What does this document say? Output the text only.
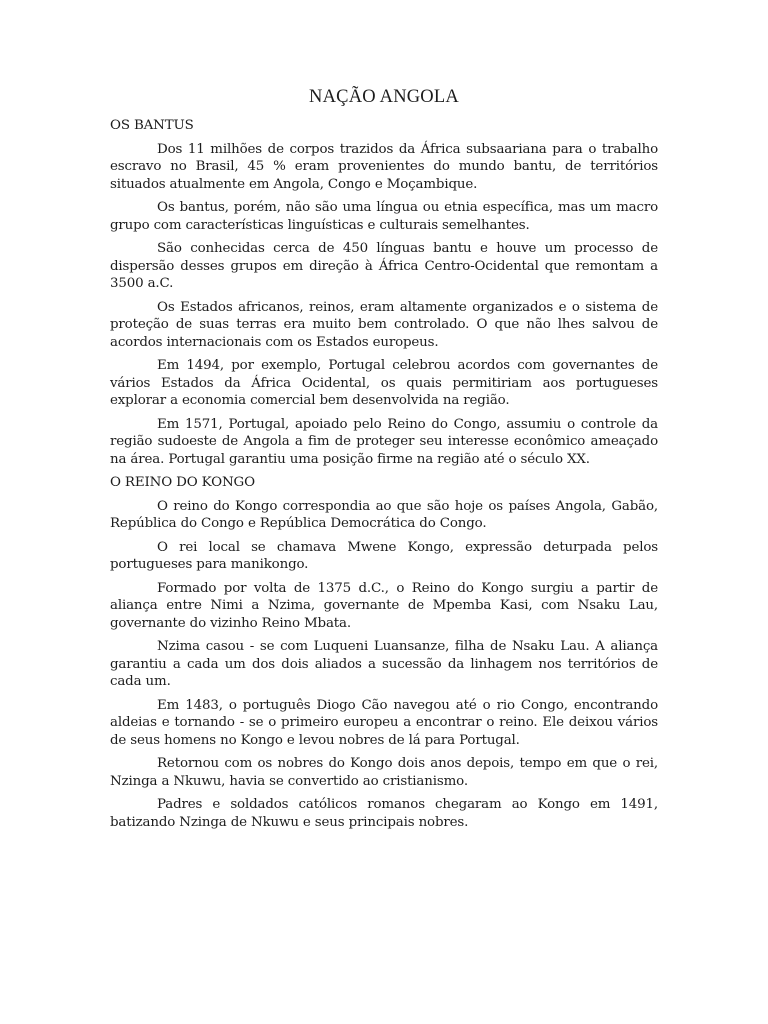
NAÇÃO ANGOLA
OS BANTUS

Dos 11 milhões de corpos trazidos da África subsaariana para o trabalho escravo no Brasil, 45 % eram provenientes do mundo bantu, de territórios situados atualmente em Angola, Congo e Moçambique.

Os bantus, porém, não são uma língua ou etnia específica, mas um macro grupo com características linguísticas e culturais semelhantes.

São conhecidas cerca de 450 línguas bantu e houve um processo de dispersão desses grupos em direção à África Centro-Ocidental que remontam a 3500 a.C.

Os Estados africanos, reinos, eram altamente organizados e o sistema de proteção de suas terras era muito bem controlado. O que não lhes salvou de acordos internacionais com os Estados europeus.

Em 1494, por exemplo, Portugal celebrou acordos com governantes de vários Estados da África Ocidental, os quais permitiriam aos portugueses explorar a economia comercial bem desenvolvida na região.

Em 1571, Portugal, apoiado pelo Reino do Congo, assumiu o controle da região sudoeste de Angola a fim de proteger seu interesse econômico ameaçado na área. Portugal garantiu uma posição firme na região até o século XX.

O REINO DO KONGO

O reino do Kongo correspondia ao que são hoje os países Angola, Gabão, República do Congo e República Democrática do Congo.

O rei local se chamava Mwene Kongo, expressão deturpada pelos portugueses para manikongo.

Formado por volta de 1375 d.C., o Reino do Kongo surgiu a partir de aliança entre Nimi a Nzima, governante de Mpemba Kasi, com Nsaku Lau, governante do vizinho Reino Mbata.

Nzima casou - se com Luqueni Luansanze, filha de Nsaku Lau. A aliança garantiu a cada um dos dois aliados a sucessão da linhagem nos territórios de cada um.

Em 1483, o português Diogo Cão navegou até o rio Congo, encontrando aldeias e tornando - se o primeiro europeu a encontrar o reino. Ele deixou vários de seus homens no Kongo e levou nobres de lá para Portugal.

Retornou com os nobres do Kongo dois anos depois, tempo em que o rei, Nzinga a Nkuwu, havia se convertido ao cristianismo.

Padres e soldados católicos romanos chegaram ao Kongo em 1491, batizando Nzinga de Nkuwu e seus principais nobres.
